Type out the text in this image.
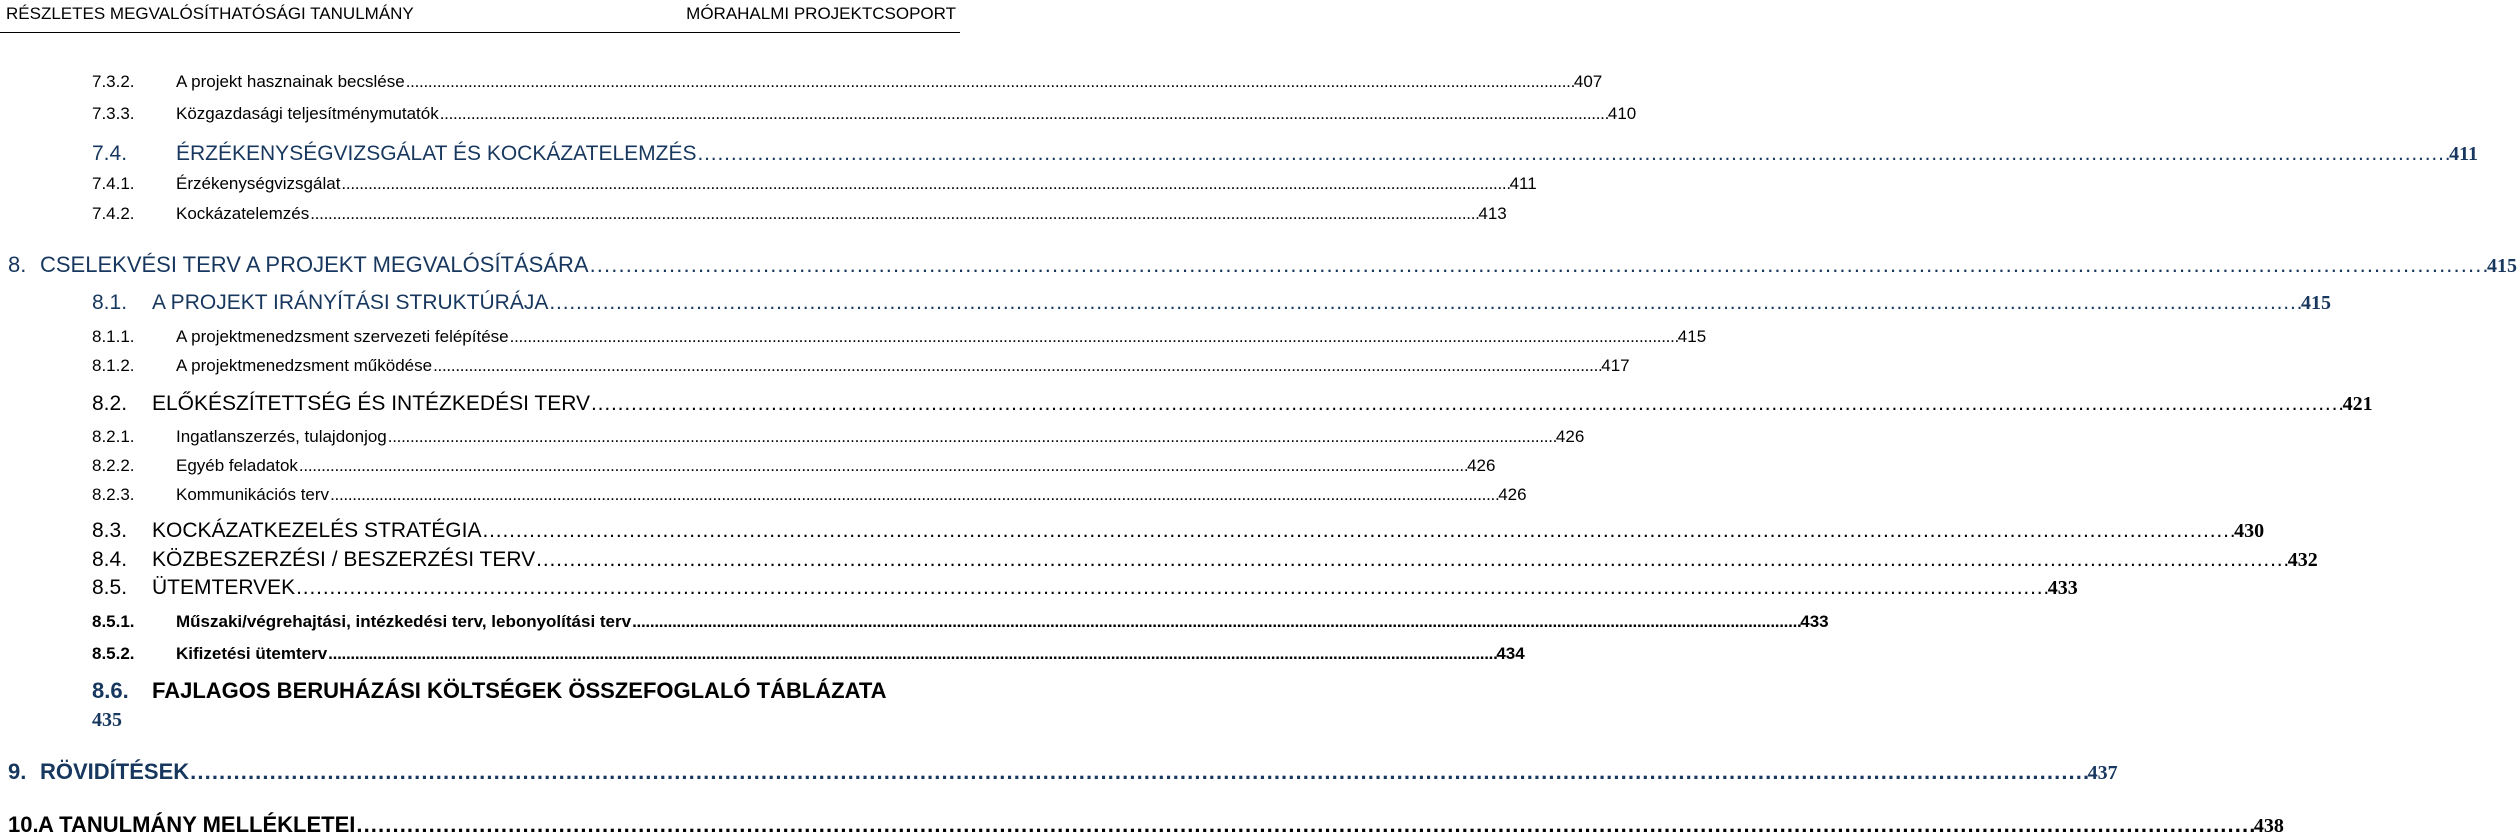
RÉSZLETES MEGVALÓSÍTHATÓSÁGI TANULMÁNY	MÓRAHALMI PROJEKTCSOPORT
7.3.2.	A projekt hasznainak becslése . . .	407
7.3.3.	Közgazdasági teljesítménymutatók . . .	410
7.4.	ÉRZÉKENYSÉGVIZSGÁLAT ÉS KOCKÁZATELEMZÉS . . .	411
7.4.1.	Érzékenységvizsgálat . . .	411
7.4.2.	Kockázatelemzés . . .	413
8. CSELEKVÉSI TERV A PROJEKT MEGVALÓSÍTÁSÁRA . . .	415
8.1.	A PROJEKT IRÁNYÍTÁSI STRUKTÚRÁJA . . .	415
8.1.1.	A projektmenedzsment szervezeti felépítése . . .	415
8.1.2.	A projektmenedzsment működése . . .	417
8.2.	ELŐKÉSZÍTETTSÉG ÉS INTÉZKEDÉSI TERV . . .	421
8.2.1.	Ingatlanszerzés, tulajdonjog . . .	426
8.2.2.	Egyéb feladatok . . .	426
8.2.3.	Kommunikációs terv . . .	426
8.3.	KOCKÁZATKEZELÉS STRATÉGIA . . .	430
8.4.	KÖZBESZERZÉSI / BESZERZÉSI TERV . . .	432
8.5.	ÜTEMTERVEK . . .	433
8.5.1.	Műszaki/végrehajtási, intézkedési terv, lebonyolítási terv . . .	433
8.5.2.	Kifizetési ütemterv . . .	434
8.6. FAJLAGOS BERUHÁZÁSI KÖLTSÉGEK ÖSSZEFOGLALÓ TÁBLÁZATA
435
9. RÖVIDÍTÉSEK . . .	437
10. A TANULMÁNY MELLÉKLETEI . . .	438
